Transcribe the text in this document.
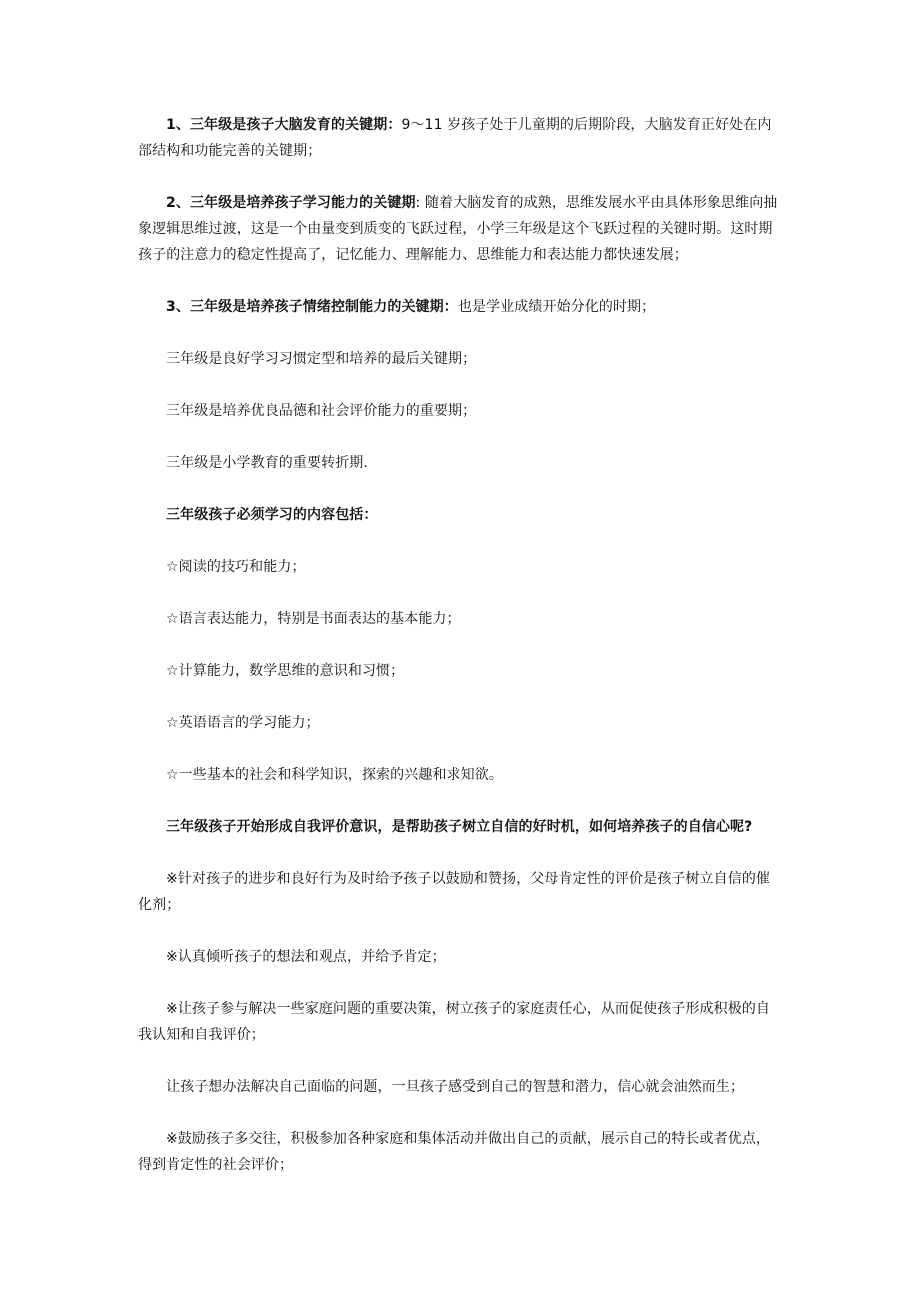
1、三年级是孩子大脑发育的关键期：9～11 岁孩子处于儿童期的后期阶段，大脑发育正好处在内部结构和功能完善的关键期；

2、三年级是培养孩子学习能力的关键期: 随着大脑发育的成熟，思维发展水平由具体形象思维向抽象逻辑思维过渡，这是一个由量变到质变的飞跃过程，小学三年级是这个飞跃过程的关键时期。这时期孩子的注意力的稳定性提高了，记忆能力、理解能力、思维能力和表达能力都快速发展；

3、三年级是培养孩子情绪控制能力的关键期：也是学业成绩开始分化的时期；

三年级是良好学习习惯定型和培养的最后关键期；

三年级是培养优良品德和社会评价能力的重要期；

三年级是小学教育的重要转折期.

三年级孩子必须学习的内容包括：

☆阅读的技巧和能力；

☆语言表达能力，特别是书面表达的基本能力；

☆计算能力，数学思维的意识和习惯；

☆英语语言的学习能力；

☆一些基本的社会和科学知识，探索的兴趣和求知欲。

三年级孩子开始形成自我评价意识，是帮助孩子树立自信的好时机，如何培养孩子的自信心呢?

※针对孩子的进步和良好行为及时给予孩子以鼓励和赞扬，父母肯定性的评价是孩子树立自信的催化剂；

※认真倾听孩子的想法和观点，并给予肯定；

※让孩子参与解决一些家庭问题的重要决策，树立孩子的家庭责任心，从而促使孩子形成积极的自我认知和自我评价；

让孩子想办法解决自己面临的问题，一旦孩子感受到自己的智慧和潜力，信心就会油然而生；

※鼓励孩子多交往，积极参加各种家庭和集体活动并做出自己的贡献，展示自己的特长或者优点，得到肯定性的社会评价；
